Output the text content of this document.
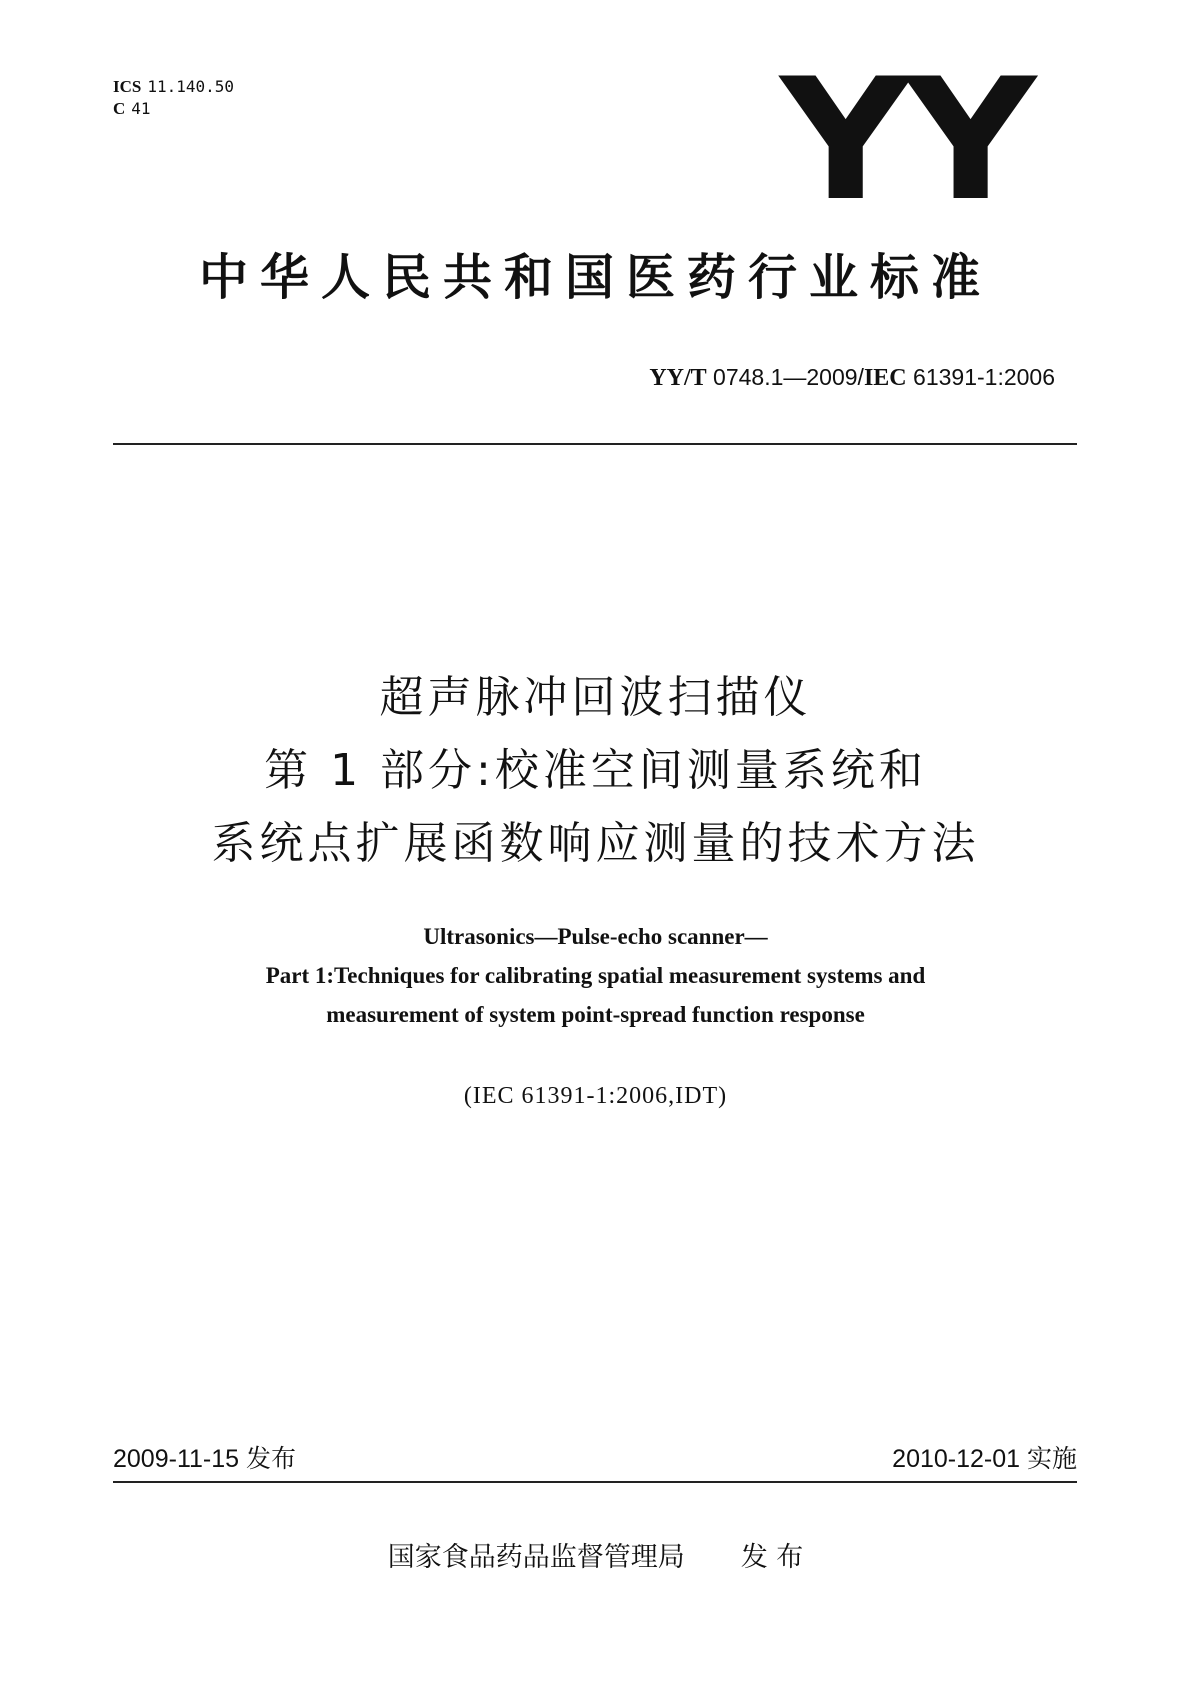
ICS 11.140.50
C 41	YY
中华人民共和国医药行业标准
YY/T 0748.1—2009/IEC 61391-1:2006
超声脉冲回波扫描仪
第 1 部分:校准空间测量系统和
系统点扩展函数响应测量的技术方法
Ultrasonics—Pulse-echo scanner—
Part 1:Techniques for calibrating spatial measurement systems and
measurement of system point-spread function response
(IEC 61391-1:2006,IDT)
2009-11-15 发布	2010-12-01 实施
国家食品药品监督管理局 发 布
